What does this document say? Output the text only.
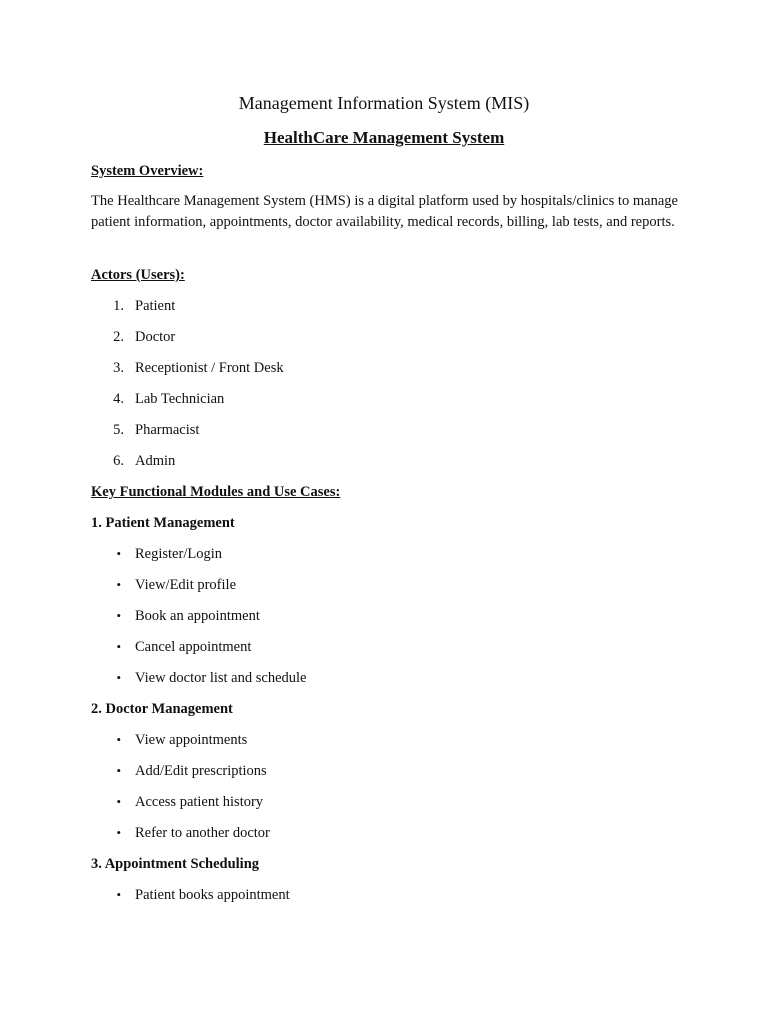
Management Information System (MIS)
HealthCare Management System
System Overview:
The Healthcare Management System (HMS) is a digital platform used by hospitals/clinics to manage patient information, appointments, doctor availability, medical records, billing, lab tests, and reports.
Actors (Users):
1. Patient
2. Doctor
3. Receptionist / Front Desk
4. Lab Technician
5. Pharmacist
6. Admin
Key Functional Modules and Use Cases:
1. Patient Management
• Register/Login
• View/Edit profile
• Book an appointment
• Cancel appointment
• View doctor list and schedule
2. Doctor Management
• View appointments
• Add/Edit prescriptions
• Access patient history
• Refer to another doctor
3. Appointment Scheduling
• Patient books appointment
